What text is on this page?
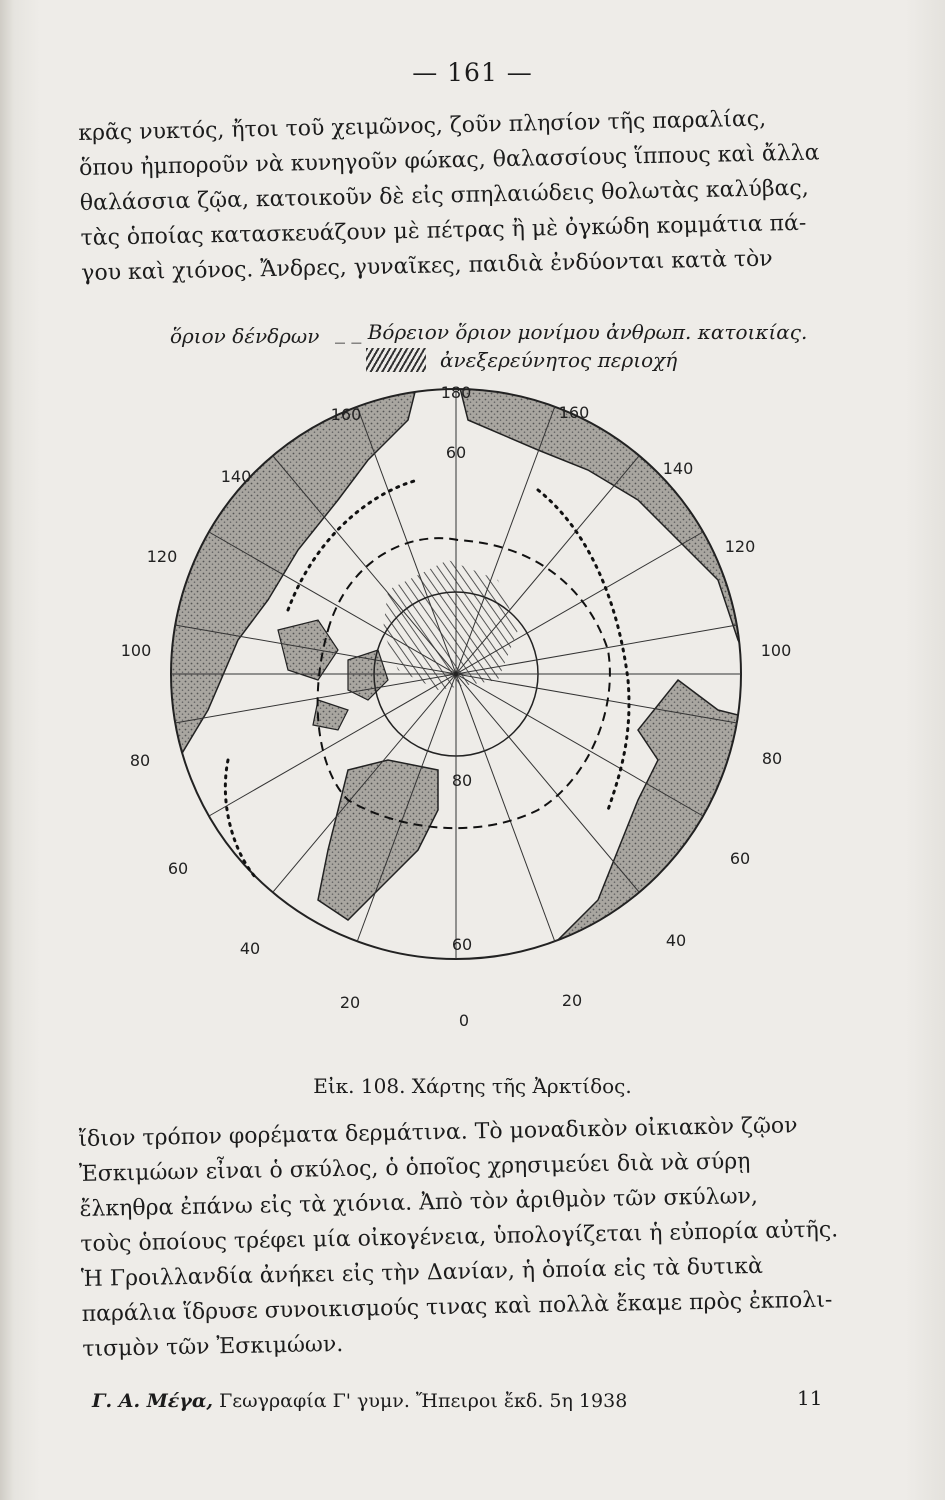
— 161 —
κρᾶς νυκτός, ἤτοι τοῦ χειμῶνος, ζοῦν πλησίον τῆς παραλίας,
ὅπου ἠμποροῦν νὰ κυνηγοῦν φώκας, θαλασσίους ἵππους καὶ ἄλλα
θαλάσσια ζῷα, κατοικοῦν δὲ εἰς σπηλαιώδεις θολωτὰς καλύβας,
τὰς ὁποίας κατασκευάζουν μὲ πέτρας ἢ μὲ ὀγκώδη κομμάτια πά-
γου καὶ χιόνος. Ἄνδρες, γυναῖκες, παιδιὰ ἐνδύονται κατὰ τὸν
ὅριον δένδρων _ _ Βόρειον ὅριον μονίμου ἀνθρωπ. κατοικίας.
ἀνεξερεύνητος περιοχή
180
160	160
140	140
120
120
100	100
80	80
60
60
40	40
20	20
0
60
80
60
Εἰκ. 108. Χάρτης τῆς Ἀρκτίδος.
ἴδιον τρόπον φορέματα δερμάτινα. Τὸ μοναδικὸν οἰκιακὸν ζῷον
Ἐσκιμώων εἶναι ὁ σκύλος, ὁ ὁποῖος χρησιμεύει διὰ νὰ σύρῃ
ἔλκηθρα ἐπάνω εἰς τὰ χιόνια. Ἀπὸ τὸν ἀριθμὸν τῶν σκύλων,
τοὺς ὁποίους τρέφει μία οἰκογένεια, ὑπολογίζεται ἡ εὐπορία αὐτῆς.
Ἡ Γροιλλανδία ἀνήκει εἰς τὴν Δανίαν, ἡ ὁποία εἰς τὰ δυτικὰ
παράλια ἵδρυσε συνοικισμούς τινας καὶ πολλὰ ἔκαμε πρὸς ἐκπολι-
τισμὸν τῶν Ἐσκιμώων.
Γ. Α. Μέγα, Γεωγραφία Γ' γυμν. Ἤπειροι ἔκδ. 5η 1938	11
